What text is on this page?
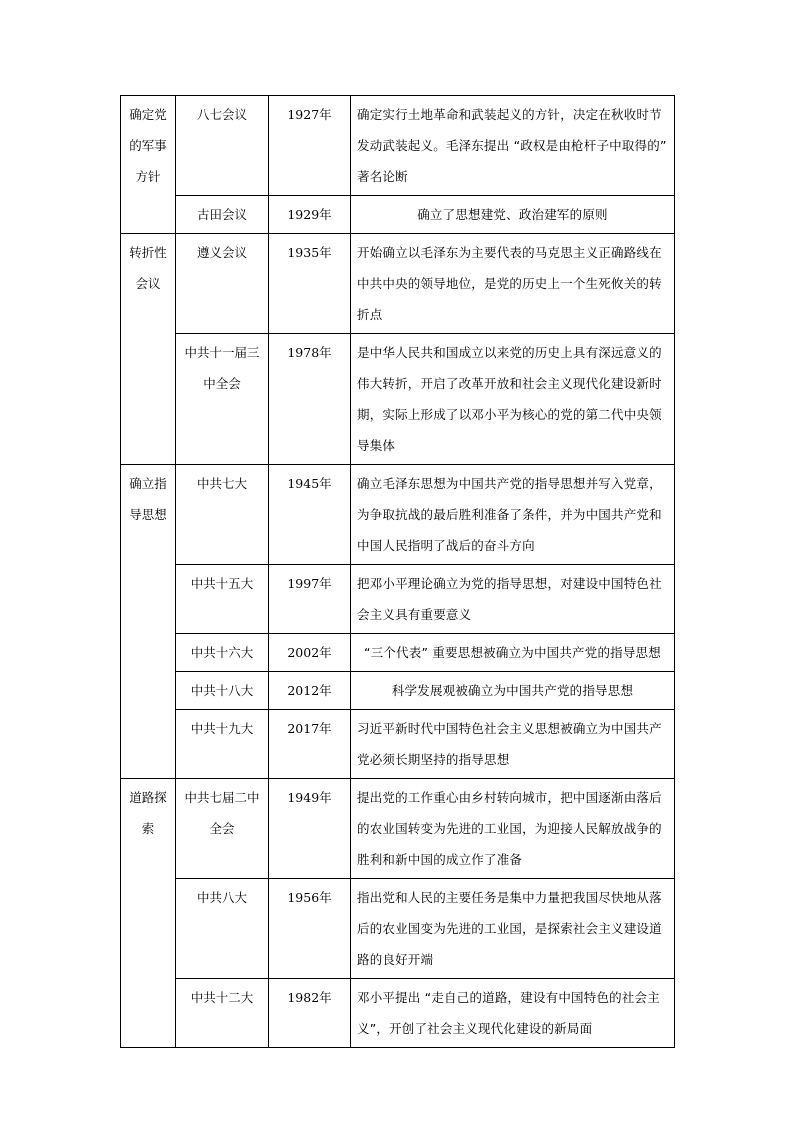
确定党的军事方针	八七会议	1927年	确定实行土地革命和武装起义的方针，决定在秋收时节发动武装起义。毛泽东提出 “政权是由枪杆子中取得的” 著名论断
	古田会议	1929年	确立了思想建党、政治建军的原则
转折性会议	遵义会议	1935年	开始确立以毛泽东为主要代表的马克思主义正确路线在中共中央的领导地位，是党的历史上一个生死攸关的转折点
	中共十一届三中全会	1978年	是中华人民共和国成立以来党的历史上具有深远意义的伟大转折，开启了改革开放和社会主义现代化建设新时期，实际上形成了以邓小平为核心的党的第二代中央领导集体
确立指导思想	中共七大	1945年	确立毛泽东思想为中国共产党的指导思想并写入党章，为争取抗战的最后胜利准备了条件，并为中国共产党和中国人民指明了战后的奋斗方向
	中共十五大	1997年	把邓小平理论确立为党的指导思想，对建设中国特色社会主义具有重要意义
	中共十六大	2002年	“三个代表” 重要思想被确立为中国共产党的指导思想
	中共十八大	2012年	科学发展观被确立为中国共产党的指导思想
	中共十九大	2017年	习近平新时代中国特色社会主义思想被确立为中国共产党必须长期坚持的指导思想
道路探索	中共七届二中全会	1949年	提出党的工作重心由乡村转向城市，把中国逐渐由落后的农业国转变为先进的工业国，为迎接人民解放战争的胜利和新中国的成立作了准备
	中共八大	1956年	指出党和人民的主要任务是集中力量把我国尽快地从落后的农业国变为先进的工业国，是探索社会主义建设道路的良好开端
	中共十二大	1982年	邓小平提出 “走自己的道路，建设有中国特色的社会主义”，开创了社会主义现代化建设的新局面
